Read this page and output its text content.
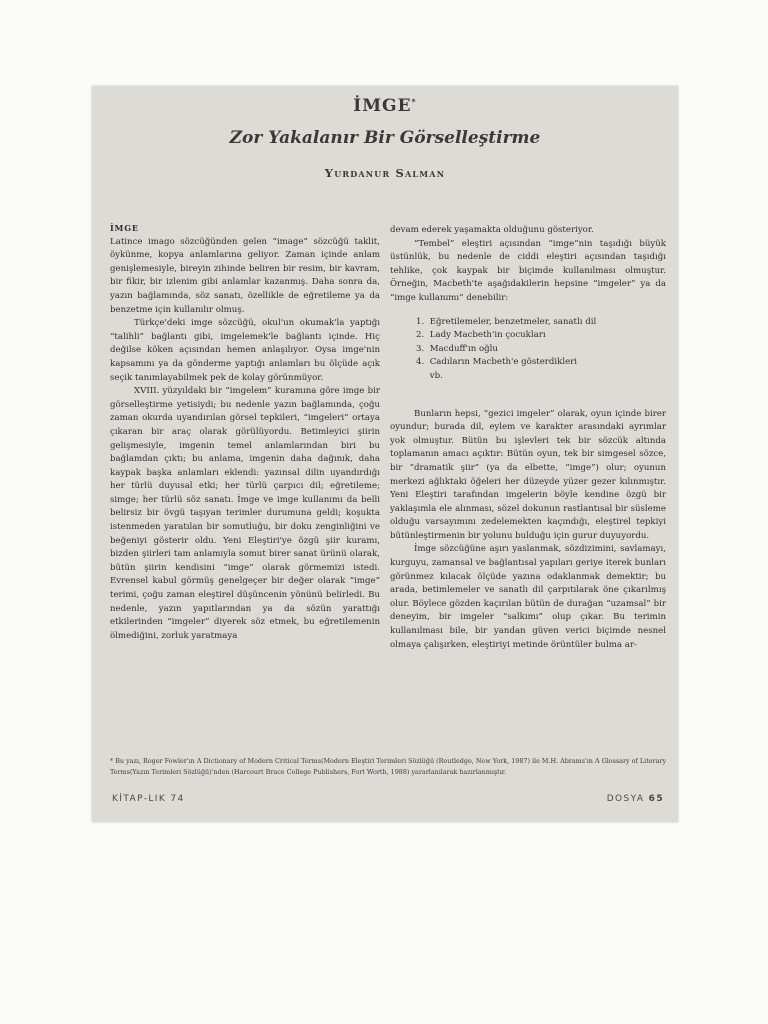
İMGE*
Zor Yakalanır Bir Görselleştirme
Yurdanur Salman
İMGE

Latince imago sözcüğünden gelen “image” sözcüğü taklit, öykünme, kopya anlamlarına geliyor. Zaman içinde anlam genişlemesiyle, bireyin zihinde beliren bir resim, bir kavram, bir fikir, bir izlenim gibi anlamlar kazanmış. Daha sonra da, yazın bağlamında, söz sanatı, özellikle de eğretileme ya da benzetme için kullanılır olmuş.

Türkçe'deki imge sözcüğü, okul'un okumak'la yaptığı “talihli” bağlantı gibi, imgelemek'le bağlantı içinde. Hiç değilse köken açısından hemen anlaşılıyor. Oysa imge'nin kapsamını ya da gönderme yaptığı anlamları bu ölçüde açık seçik tanımlayabilmek pek de kolay görünmüyor.

XVIII. yüzyıldaki bir “imgelem” kuramına göre imge bir görselleştirme yetisiydi; bu nedenle yazın bağlamında, çoğu zaman okurda uyandırılan görsel tepkileri, “imgeleri” ortaya çıkaran bir araç olarak görülüyordu. Betimleyici şiirin gelişmesiyle, imgenin temel anlamlarından biri bu bağlamdan çıktı; bu anlama, imgenin daha dağınık, daha kaypak başka anlamları eklendi: yazınsal dilin uyandırdığı her türlü duyusal etki; her türlü çarpıcı dil; eğretileme; simge; her türlü söz sanatı. İmge ve imge kullanımı da belli belirsiz bir övgü taşıyan terimler durumuna geldi; koşukta istenmeden yaratılan bir somutluğu, bir doku zenginliğini ve beğeniyi gösterir oldu. Yeni Eleştiri'ye özgü şiir kuramı, bizden şiirleri tam anlamıyla somut birer sanat ürünü olarak, bütün şiirin kendisini “imge” olarak görmemizi istedi. Evrensel kabul görmüş genelgeçer bir değer olarak “imge” terimi, çoğu zaman eleştirel düşüncenin yönünü belirledi. Bu nedenle, yazın yapıtlarından ya da sözün yarattığı etkilerinden “imgeler” diyerek söz etmek, bu eğretilemenin ölmediğini, zorluk yaratmaya

devam ederek yaşamakta olduğunu gösteriyor.

“Tembel” eleştiri açısından “imge”nin taşıdığı büyük üstünlük, bu nedenle de ciddi eleştiri açısından taşıdığı tehlike, çok kaypak bir biçimde kullanılması olmuştur. Örneğin, Macbeth'te aşağıdakilerin hepsine “imgeler” ya da “imge kullanımı” denebilir:

1. Eğretilemeler, benzetmeler, sanatlı dil
2. Lady Macbeth'in çocukları
3. Macduff'ın oğlu
4. Cadıların Macbeth'e gösterdikleri
vb.

Bunların hepsi, “gezici imgeler” olarak, oyun içinde birer oyundur; burada dil, eylem ve karakter arasındaki ayrımlar yok olmuştur. Bütün bu işlevleri tek bir sözcük altında toplamanın amacı açıktır: Bütün oyun, tek bir simgesel sözce, bir “dramatik şiir” (ya da elbette, “imge”) olur; oyunun merkezi ağlıktaki öğeleri her düzeyde yüzer gezer kılınmıştır. Yeni Eleştiri tarafından imgelerin böyle kendine özgü bir yaklaşımla ele alınması, sözel dokunun rastlantısal bir süsleme olduğu varsayımını zedelemekten kaçındığı, eleştirel tepkiyi bütünleştirmenin bir yolunu bulduğu için gurur duyuyordu.

İmge sözcüğüne aşırı yaslanmak, sözdizimini, savlamayı, kurguyu, zamansal ve bağlantısal yapıları geriye iterek bunları görünmez kılacak ölçüde yazına odaklanmak demektir; bu arada, betimlemeler ve sanatlı dil çarpıtılarak öne çıkarılmış olur. Böylece gözden kaçırılan bütün de durağan “uzamsal” bir deneyim, bir imgeler “salkımı” olup çıkar. Bu terimin kullanılması bile, bir yandan güven verici biçimde nesnel olmaya çalışırken, eleştiriyi metinde örüntüler bulma ar-

* Bu yazı, Roger Fowler'ın A Dictionary of Modern Critical Terms(Modern Eleştiri Terimleri Sözlüğü (Routledge, New York, 1987) ile M.H. Abrams'ın A Glossary of Literary Terms(Yazın Terimleri Sözlüğü)'nden (Harcourt Brace College Publishers, Fort Worth, 1988) yararlanılarak hazırlanmıştır.
KİTAP-LIK 74	DOSYA 65
